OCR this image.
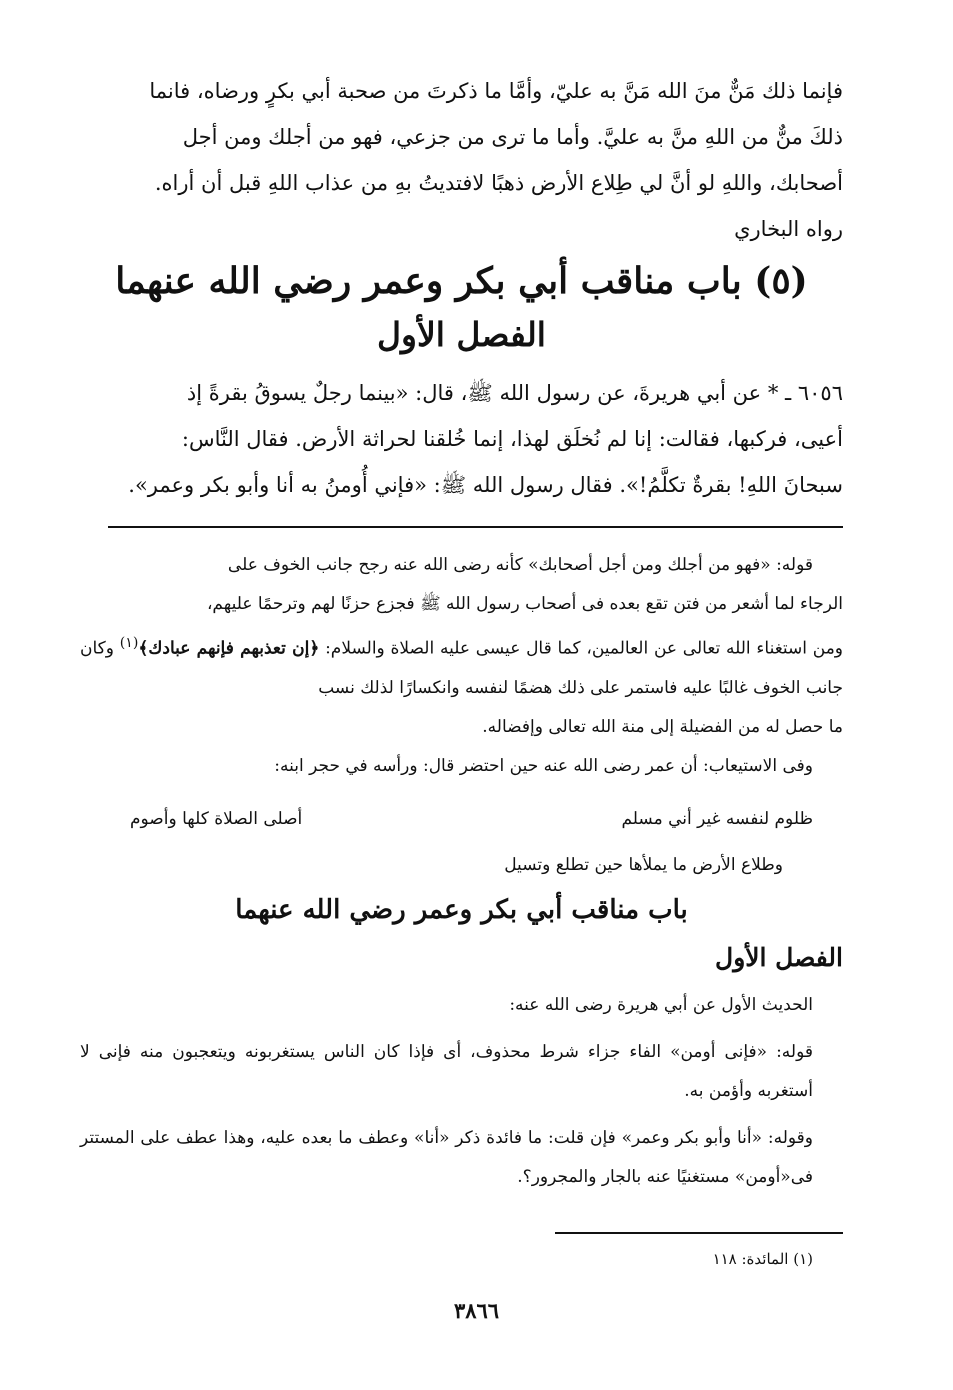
فإنما ذلك مَنٌّ منَ الله مَنَّ به عليّ، وأمَّا ما ذكرتَ من صحبة أبي بكرٍ ورضاه، فانما

ذلكَ منٌّ من اللهِ منَّ به عليَّ. وأما ما ترى من جزعي، فهو من أجلك ومن أجل

أصحابك، واللهِ لو أنَّ لي طِلاع الأرض ذهبًا لافتديتُ بهِ من عذاب اللهِ قبل أن أراه.

رواه البخاري

(٥) باب مناقب أبي بكر وعمر رضي الله عنهما
الفصل الأول
٦٠٥٦ ـ * عن أبي هريرةَ، عن رسول الله ﷺ، قال: «بينما رجلٌ يسوقُ بقرةً إذ
أعيى، فركبها، فقالت: إنا لم نُخلَق لهذا، إنما خُلقنا لحراثة الأرض. فقال النَّاس:
سبحانَ اللهِ! بقرةٌ تكلَّمُ!». فقال رسول الله ﷺ: «فإني أُومنُ به أنا وأبو بكر وعمر».

قوله: «فهو من أجلك ومن أجل أصحابك» كأنه رضى الله عنه رجح جانب الخوف على

الرجاء لما أشعر من فتن تقع بعده فى أصحاب رسول الله ﷺ فجزع حزنًا لهم وترحمًا عليهم،

ومن استغناء الله تعالى عن العالمين، كما قال عيسى عليه الصلاة والسلام: ﴿إن تعذبهم فإنهم عبادك﴾$^{(١)}$ وكان جانب الخوف غالبًا عليه فاستمر على ذلك هضمًا لنفسه وانكسارًا لذلك نسب

ما حصل له من الفضيلة إلى منة الله تعالى وإفضاله.

وفى الاستيعاب: أن عمر رضى الله عنه حين احتضر قال: ورأسه في حجر ابنه:

ظلوم لنفسه غير أني مسلم
أصلى الصلاة كلها وأصوم
وطلاع الأرض ما يملأها حين تطلع وتسيل
باب مناقب أبي بكر وعمر رضي الله عنهما
الفصل الأول

الحديث الأول عن أبي هريرة رضى الله عنه:

قوله: «فإنى أومن» الفاء جزاء شرط محذوف، أى فإذا كان الناس يستغربونه ويتعجبون منه فإنى لا أستغربه وأؤمن به.

وقوله: «أنا وأبو بكر وعمر» فإن قلت: ما فائدة ذكر «أنا» وعطف ما بعده عليه، وهذا عطف على المستتر فى«أومن» مستغنيًا عنه بالجار والمجرور؟.

(١) المائدة: ١١٨
٣٨٦٦
